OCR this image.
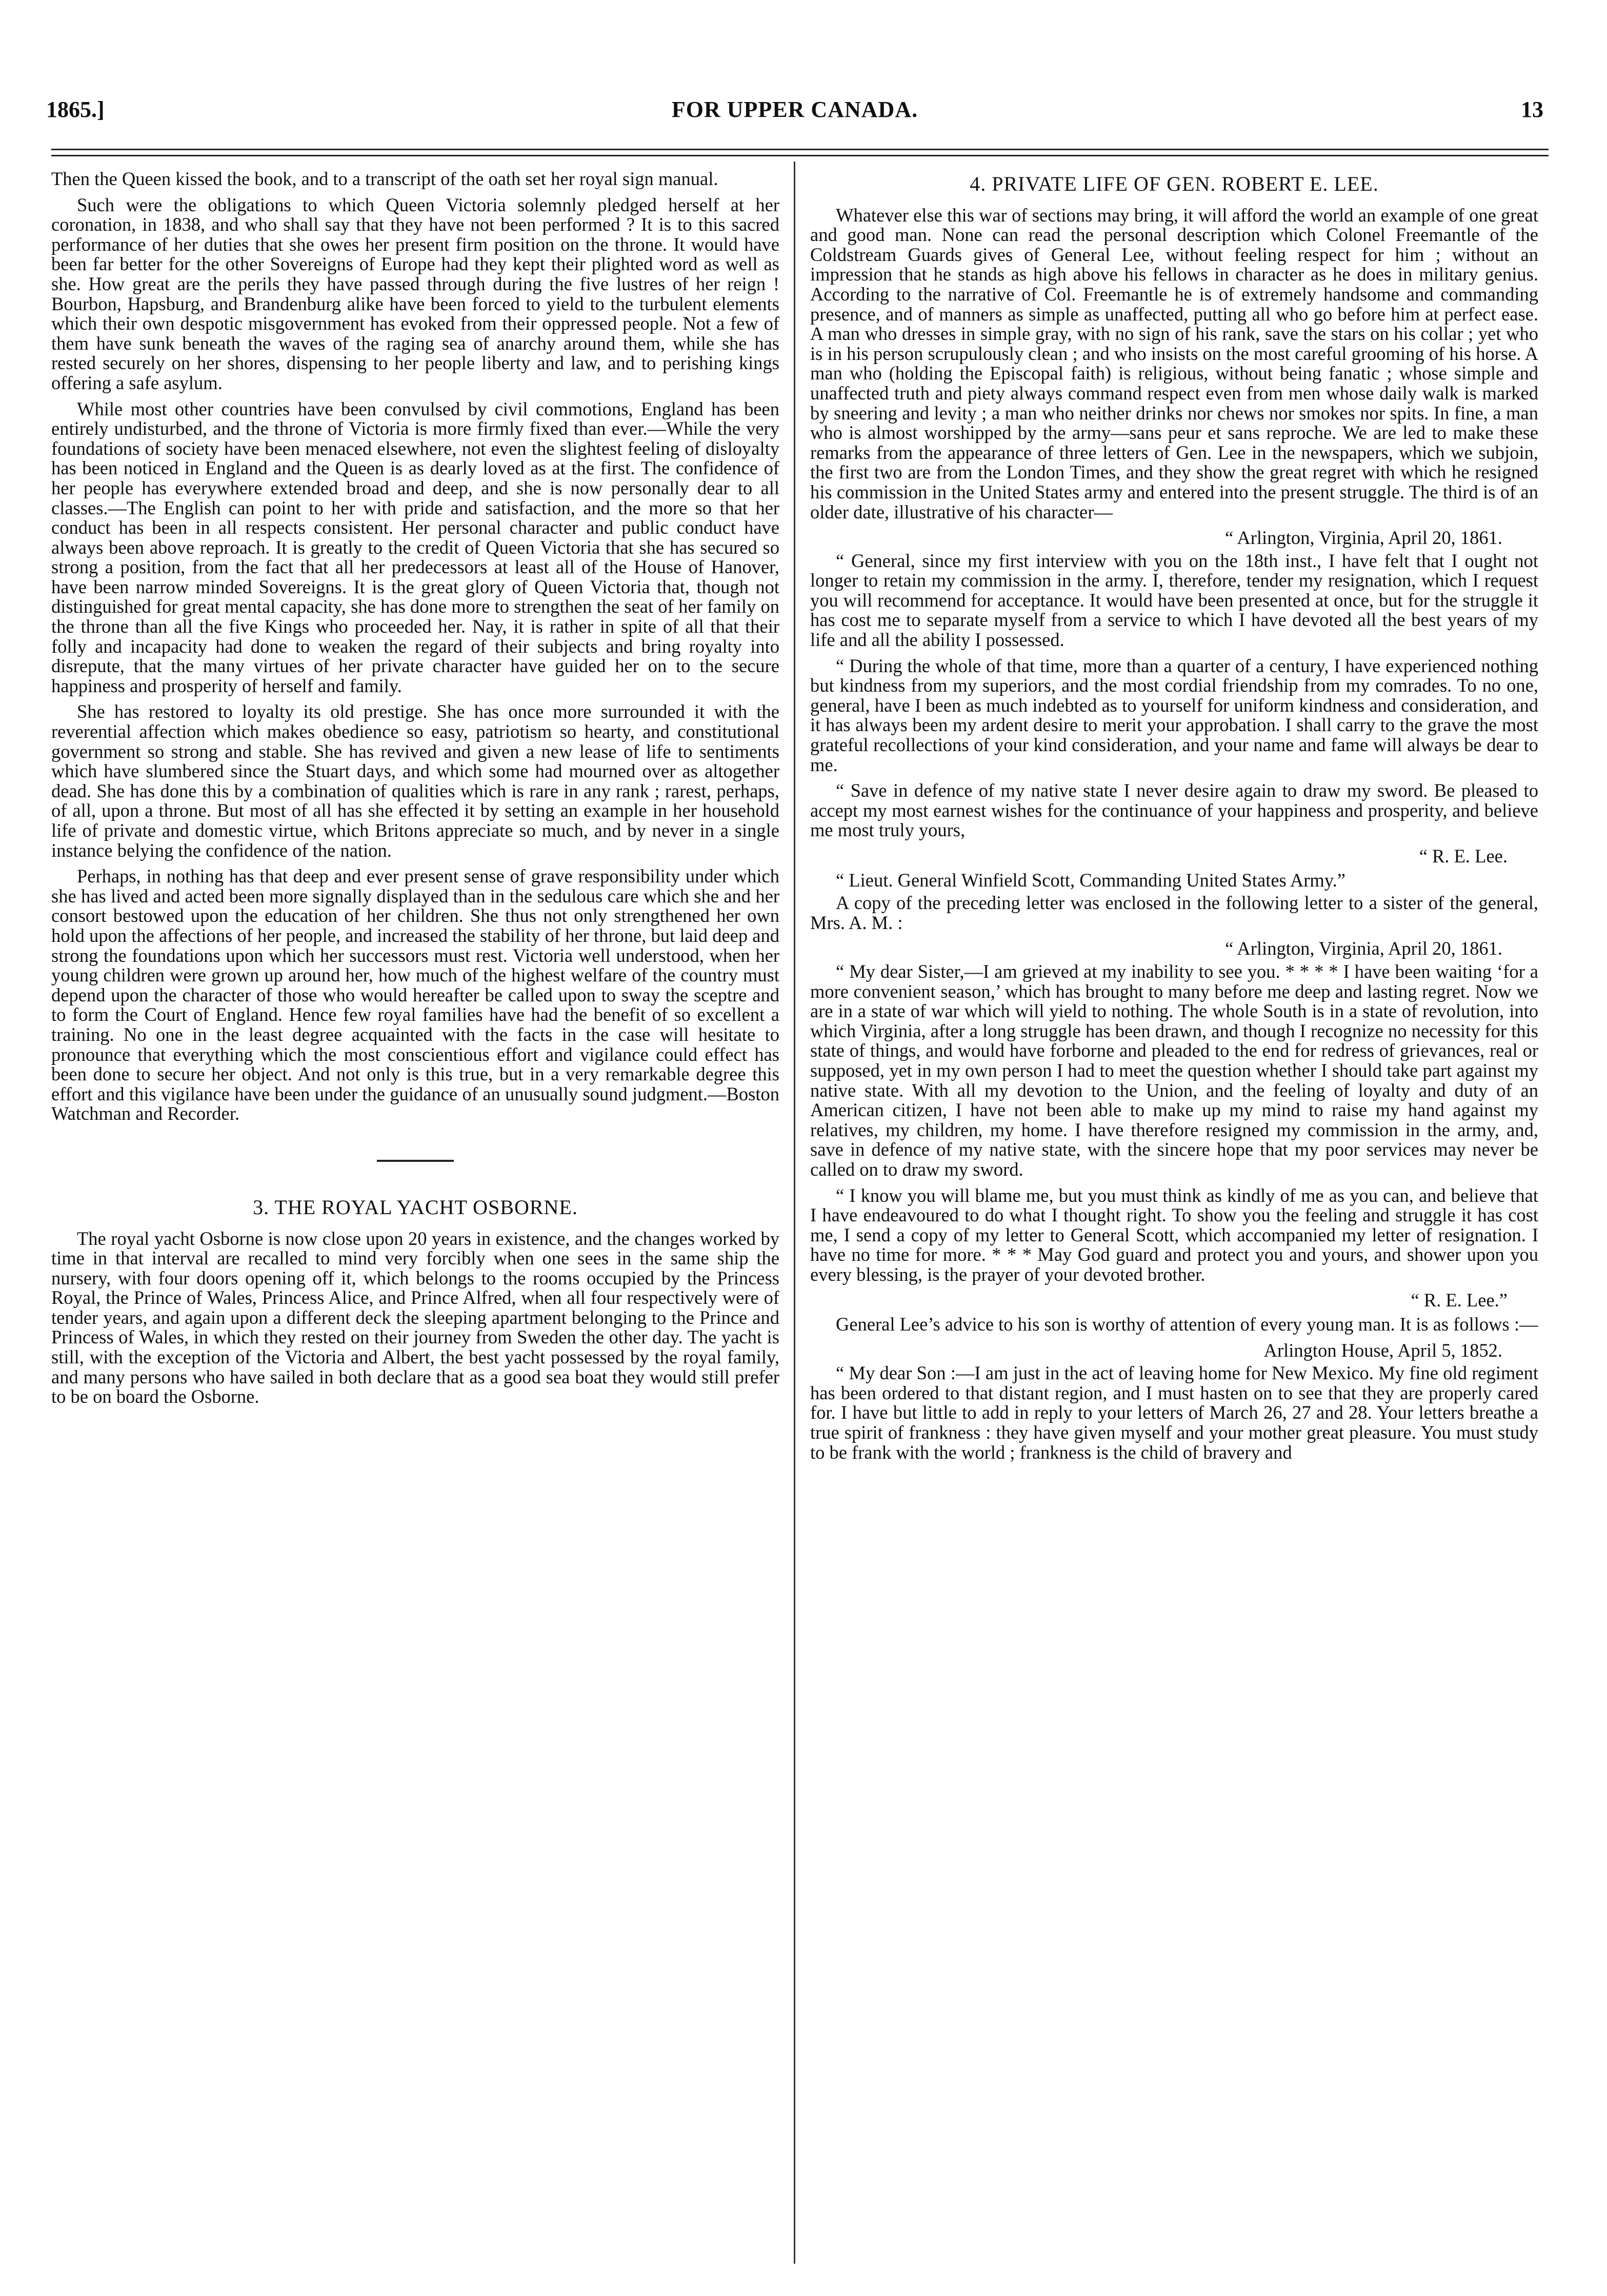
1865.]	FOR UPPER CANADA.	13

Then the Queen kissed the book, and to a transcript of the oath set her royal sign manual.

Such were the obligations to which Queen Victoria solemnly pledged herself at her coronation, in 1838, and who shall say that they have not been performed ? It is to this sacred performance of her duties that she owes her present firm position on the throne. It would have been far better for the other Sovereigns of Europe had they kept their plighted word as well as she. How great are the perils they have passed through during the five lustres of her reign ! Bourbon, Hapsburg, and Brandenburg alike have been forced to yield to the turbulent elements which their own despotic misgovernment has evoked from their oppressed people. Not a few of them have sunk beneath the waves of the raging sea of anarchy around them, while she has rested securely on her shores, dispensing to her people liberty and law, and to perishing kings offering a safe asylum.

While most other countries have been convulsed by civil commotions, England has been entirely undisturbed, and the throne of Victoria is more firmly fixed than ever.—While the very foundations of society have been menaced elsewhere, not even the slightest feeling of disloyalty has been noticed in England and the Queen is as dearly loved as at the first. The confidence of her people has everywhere extended broad and deep, and she is now personally dear to all classes.—The English can point to her with pride and satisfaction, and the more so that her conduct has been in all respects consistent. Her personal character and public conduct have always been above reproach. It is greatly to the credit of Queen Victoria that she has secured so strong a position, from the fact that all her predecessors at least all of the House of Hanover, have been narrow minded Sovereigns. It is the great glory of Queen Victoria that, though not distinguished for great mental capacity, she has done more to strengthen the seat of her family on the throne than all the five Kings who proceeded her. Nay, it is rather in spite of all that their folly and incapacity had done to weaken the regard of their subjects and bring royalty into disrepute, that the many virtues of her private character have guided her on to the secure happiness and prosperity of herself and family.

She has restored to loyalty its old prestige. She has once more surrounded it with the reverential affection which makes obedience so easy, patriotism so hearty, and constitutional government so strong and stable. She has revived and given a new lease of life to sentiments which have slumbered since the Stuart days, and which some had mourned over as altogether dead. She has done this by a combination of qualities which is rare in any rank ; rarest, perhaps, of all, upon a throne. But most of all has she effected it by setting an example in her household life of private and domestic virtue, which Britons appreciate so much, and by never in a single instance belying the confidence of the nation.

Perhaps, in nothing has that deep and ever present sense of grave responsibility under which she has lived and acted been more signally displayed than in the sedulous care which she and her consort bestowed upon the education of her children. She thus not only strengthened her own hold upon the affections of her people, and increased the stability of her throne, but laid deep and strong the foundations upon which her successors must rest. Victoria well understood, when her young children were grown up around her, how much of the highest welfare of the country must depend upon the character of those who would hereafter be called upon to sway the sceptre and to form the Court of England. Hence few royal families have had the benefit of so excellent a training. No one in the least degree acquainted with the facts in the case will hesitate to pronounce that everything which the most conscientious effort and vigilance could effect has been done to secure her object. And not only is this true, but in a very remarkable degree this effort and this vigilance have been under the guidance of an unusually sound judgment.—Boston Watchman and Recorder.

3. THE ROYAL YACHT OSBORNE.

The royal yacht Osborne is now close upon 20 years in existence, and the changes worked by time in that interval are recalled to mind very forcibly when one sees in the same ship the nursery, with four doors opening off it, which belongs to the rooms occupied by the Princess Royal, the Prince of Wales, Princess Alice, and Prince Alfred, when all four respectively were of tender years, and again upon a different deck the sleeping apartment belonging to the Prince and Princess of Wales, in which they rested on their journey from Sweden the other day. The yacht is still, with the exception of the Victoria and Albert, the best yacht possessed by the royal family, and many persons who have sailed in both declare that as a good sea boat they would still prefer to be on board the Osborne.

4. PRIVATE LIFE OF GEN. ROBERT E. LEE.

Whatever else this war of sections may bring, it will afford the world an example of one great and good man. None can read the personal description which Colonel Freemantle of the Coldstream Guards gives of General Lee, without feeling respect for him ; without an impression that he stands as high above his fellows in character as he does in military genius. According to the narrative of Col. Freemantle he is of extremely handsome and commanding presence, and of manners as simple as unaffected, putting all who go before him at perfect ease. A man who dresses in simple gray, with no sign of his rank, save the stars on his collar ; yet who is in his person scrupulously clean ; and who insists on the most careful grooming of his horse. A man who (holding the Episcopal faith) is religious, without being fanatic ; whose simple and unaffected truth and piety always command respect even from men whose daily walk is marked by sneering and levity ; a man who neither drinks nor chews nor smokes nor spits. In fine, a man who is almost worshipped by the army—sans peur et sans reproche. We are led to make these remarks from the appearance of three letters of Gen. Lee in the newspapers, which we subjoin, the first two are from the London Times, and they show the great regret with which he resigned his commission in the United States army and entered into the present struggle. The third is of an older date, illustrative of his character—

“ Arlington, Virginia, April 20, 1861.

“ General, since my first interview with you on the 18th inst., I have felt that I ought not longer to retain my commission in the army. I, therefore, tender my resignation, which I request you will recommend for acceptance. It would have been presented at once, but for the struggle it has cost me to separate myself from a service to which I have devoted all the best years of my life and all the ability I possessed.

“ During the whole of that time, more than a quarter of a century, I have experienced nothing but kindness from my superiors, and the most cordial friendship from my comrades. To no one, general, have I been as much indebted as to yourself for uniform kindness and consideration, and it has always been my ardent desire to merit your approbation. I shall carry to the grave the most grateful recollections of your kind consideration, and your name and fame will always be dear to me.

“ Save in defence of my native state I never desire again to draw my sword. Be pleased to accept my most earnest wishes for the continuance of your happiness and prosperity, and believe me most truly yours,

“ R. E. Lee.
“ Lieut. General Winfield Scott, Commanding United States Army.”

A copy of the preceding letter was enclosed in the following letter to a sister of the general, Mrs. A. M. :

“ Arlington, Virginia, April 20, 1861.

“ My dear Sister,—I am grieved at my inability to see you. * * * * I have been waiting ‘for a more convenient season,’ which has brought to many before me deep and lasting regret. Now we are in a state of war which will yield to nothing. The whole South is in a state of revolution, into which Virginia, after a long struggle has been drawn, and though I recognize no necessity for this state of things, and would have forborne and pleaded to the end for redress of grievances, real or supposed, yet in my own person I had to meet the question whether I should take part against my native state. With all my devotion to the Union, and the feeling of loyalty and duty of an American citizen, I have not been able to make up my mind to raise my hand against my relatives, my children, my home. I have therefore resigned my commission in the army, and, save in defence of my native state, with the sincere hope that my poor services may never be called on to draw my sword.

“ I know you will blame me, but you must think as kindly of me as you can, and believe that I have endeavoured to do what I thought right. To show you the feeling and struggle it has cost me, I send a copy of my letter to General Scott, which accompanied my letter of resignation. I have no time for more. * * * May God guard and protect you and yours, and shower upon you every blessing, is the prayer of your devoted brother.

“ R. E. Lee.”

General Lee’s advice to his son is worthy of attention of every young man. It is as follows :—

Arlington House, April 5, 1852.

“ My dear Son :—I am just in the act of leaving home for New Mexico. My fine old regiment has been ordered to that distant region, and I must hasten on to see that they are properly cared for. I have but little to add in reply to your letters of March 26, 27 and 28. Your letters breathe a true spirit of frankness : they have given myself and your mother great pleasure. You must study to be frank with the world ; frankness is the child of bravery and
